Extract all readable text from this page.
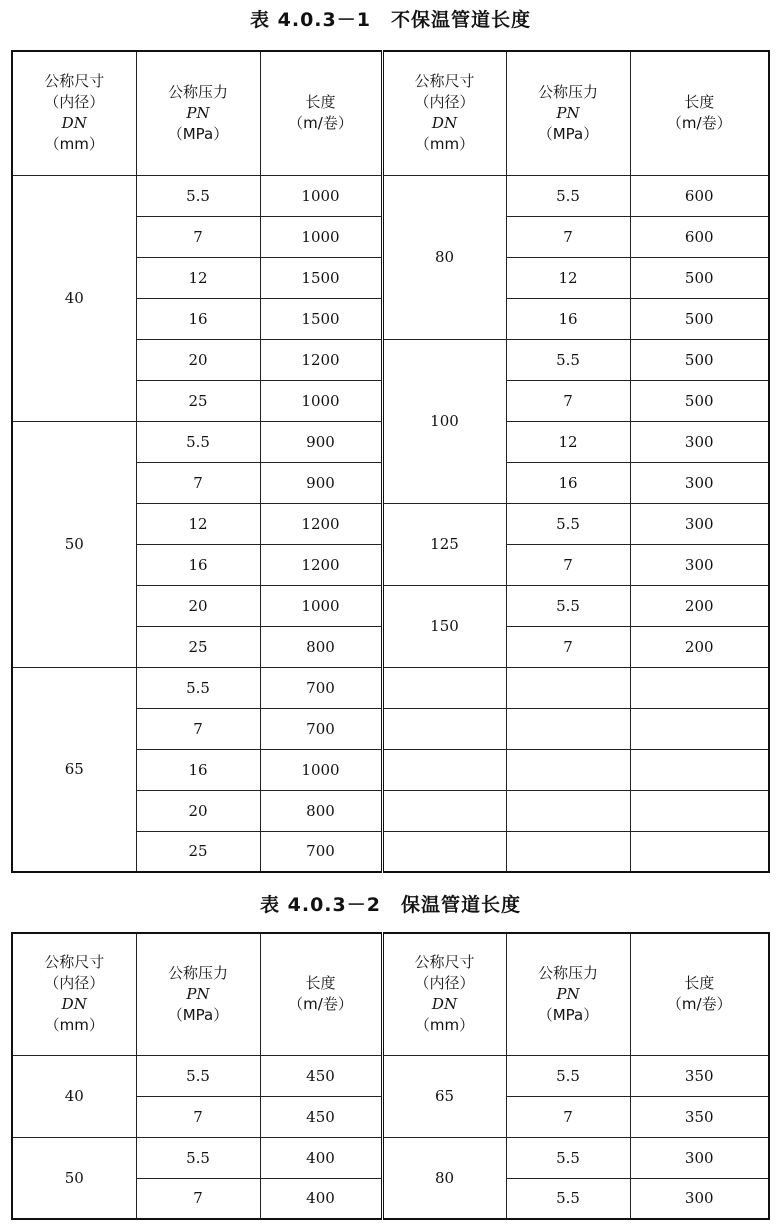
表 4.0.3－1　不保温管道长度
公称尺寸
（内径）
DN
（mm）	公称压力
PN
（MPa）	长度
（m/卷）	公称尺寸
（内径）
DN
（mm）	公称压力
PN
（MPa）	长度
（m/卷）

40	5.5	1000	80	5.5	600
	7	1000		7	600
	12	1500		12	500
	16	1500		16	500
	20	1200	100	5.5	500
	25	1000		7	500
50	5.5	900		12	300
	7	900		16	300
	12	1200	125	5.5	300
	16	1200		7	300
	20	1000	150	5.5	200
	25	800		7	200
65	5.5	700			
	7	700			
	16	1000			
	20	800			
	25	700			
表 4.0.3－2　保温管道长度
公称尺寸
（内径）
DN
（mm）	公称压力
PN
（MPa）	长度
（m/卷）	公称尺寸
（内径）
DN
（mm）	公称压力
PN
（MPa）	长度
（m/卷）

40	5.5	450	65	5.5	350
	7	450		7	350
50	5.5	400	80	5.5	300
	7	400		5.5	300
